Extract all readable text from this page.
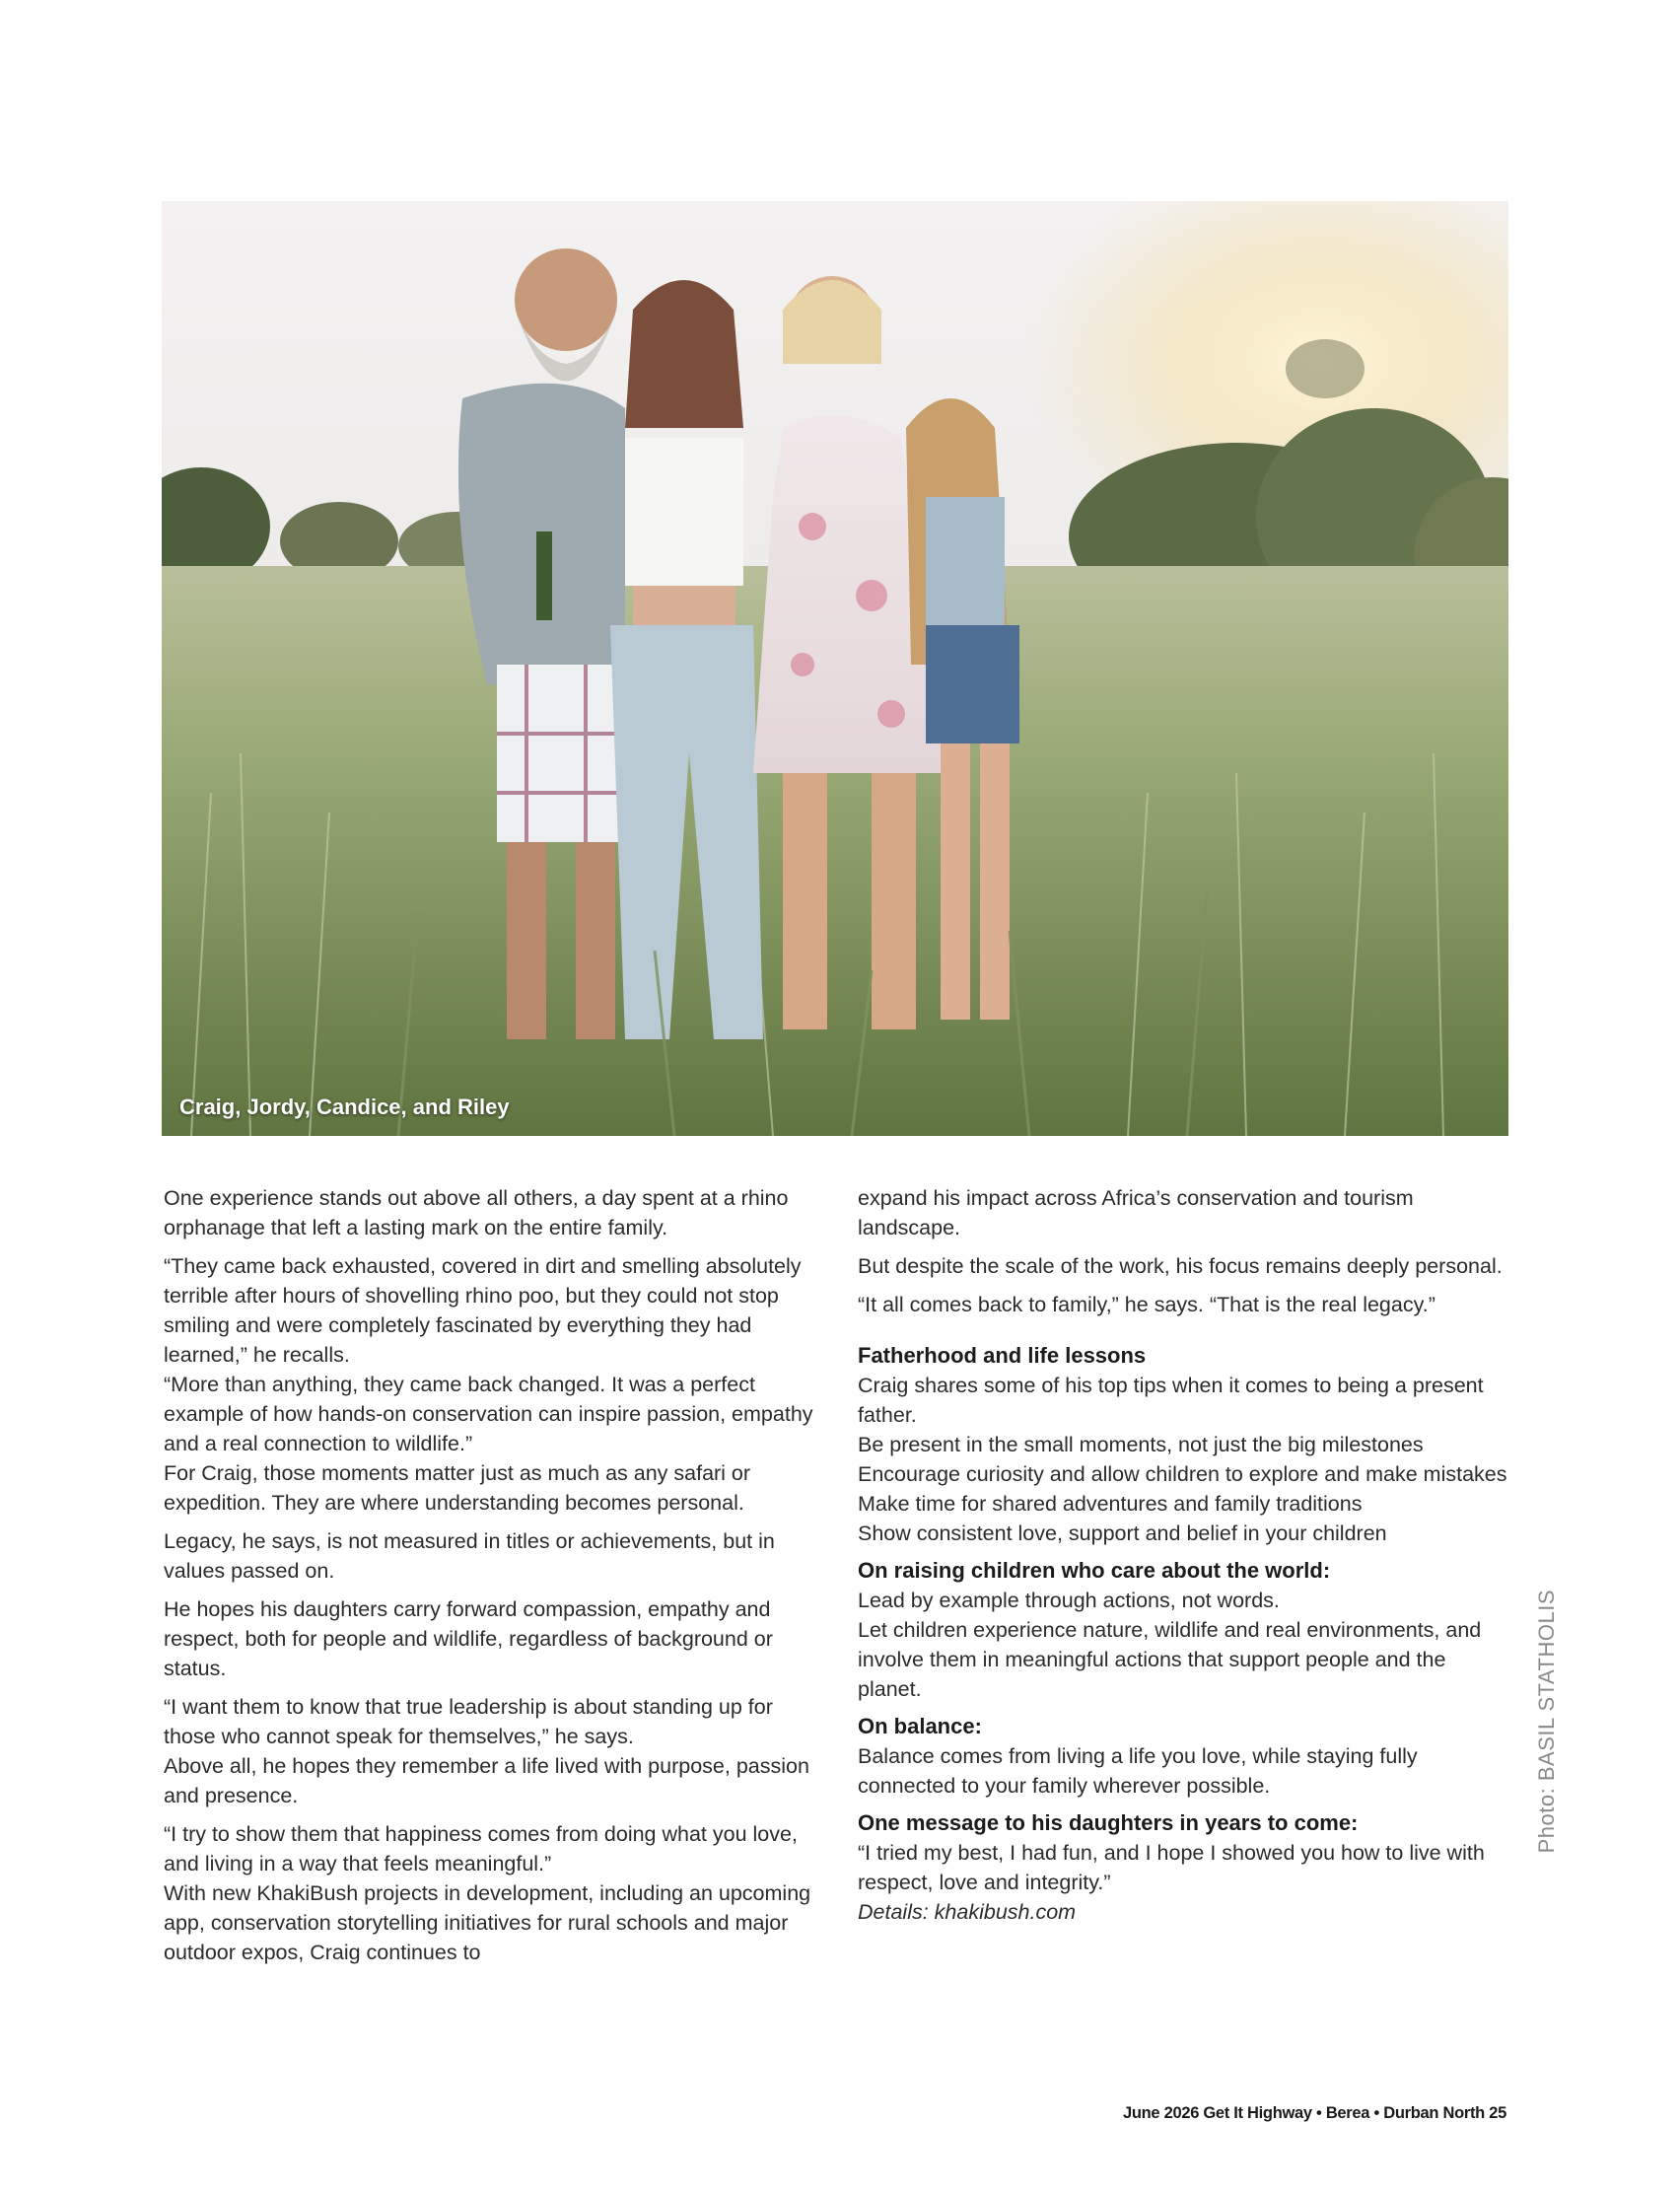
Craig, Jordy, Candice, and Riley

One experience stands out above all others, a day spent at a rhino orphanage that left a lasting mark on the entire family.

“They came back exhausted, covered in dirt and smelling absolutely terrible after hours of shovelling rhino poo, but they could not stop smiling and were completely fascinated by everything they had learned,” he recalls.

“More than anything, they came back changed. It was a perfect example of how hands-on conservation can inspire passion, empathy and a real connection to wildlife.”

For Craig, those moments matter just as much as any safari or expedition. They are where understanding becomes personal.

Legacy, he says, is not measured in titles or achievements, but in values passed on.

He hopes his daughters carry forward compassion, empathy and respect, both for people and wildlife, regardless of background or status.

“I want them to know that true leadership is about standing up for those who cannot speak for themselves,” he says.

Above all, he hopes they remember a life lived with purpose, passion and presence.

“I try to show them that happiness comes from doing what you love, and living in a way that feels meaningful.”

With new KhakiBush projects in development, including an upcoming app, conservation storytelling initiatives for rural schools and major outdoor expos, Craig continues to

expand his impact across Africa’s conservation and tourism landscape.

But despite the scale of the work, his focus remains deeply personal.

“It all comes back to family,” he says. “That is the real legacy.”

Fatherhood and life lessons

Craig shares some of his top tips when it comes to being a present father.

Be present in the small moments, not just the big milestones

Encourage curiosity and allow children to explore and make mistakes

Make time for shared adventures and family traditions

Show consistent love, support and belief in your children

On raising children who care about the world:

Lead by example through actions, not words.

Let children experience nature, wildlife and real environments, and involve them in meaningful actions that support people and the planet.

On balance:

Balance comes from living a life you love, while staying fully connected to your family wherever possible.

One message to his daughters in years to come:

“I tried my best, I had fun, and I hope I showed you how to live with respect, love and integrity.”

Details: khakibush.com

Photo: BASIL STATHOLIS
June 2026 Get It Highway • Berea • Durban North 25
